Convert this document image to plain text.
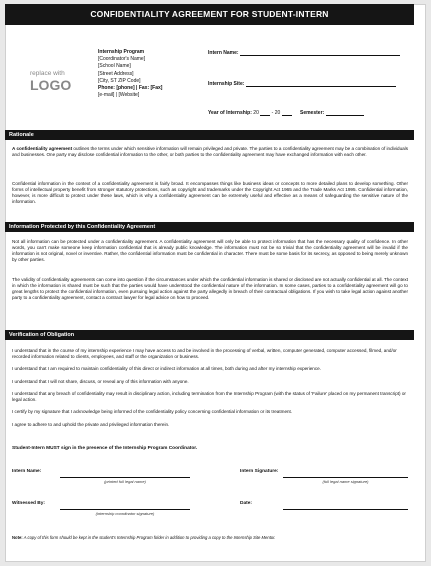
CONFIDENTIALITY AGREEMENT FOR STUDENT-INTERN
replace with
LOGO
Internship Program
[Coordinator's Name]
[School Name]
[Street Address]
[City, ST ZIP Code]
Phone: [phone] | Fax: [Fax]
[e-mail] | [Website]
Intern Name:
Internship Site:
Year of Internship: 20	- 20	Semester:
Rationale

A confidentiality agreement outlines the terms under which sensitive information will remain privileged and private. The parties to a confidentiality agreement may be a combination of individuals and businesses. One party may disclose confidential information to the other, or both parties to the confidentiality agreement may have exchanged information with each other.

Confidential information in the context of a confidentiality agreement is fairly broad. It encompasses things like business ideas or concepts to more detailed plans to develop something. Other forms of intellectual property benefit from stronger statutory protections, such as copyright and trademarks under the Copyright Act 1965 and the Trade Marks Act 1995. Confidential information, however, is more difficult to protect under these laws, which is why a confidentiality agreement can be extremely useful and effective as a means of safeguarding the sensitive nature of the information.

Information Protected by this Confidentiality Agreement

Not all information can be protected under a confidentiality agreement. A confidentiality agreement will only be able to protect information that has the necessary quality of confidence. In other words, you can't make someone keep information confidential that is already public knowledge. The information must not be so trivial that the confidentiality agreement will be invalid if the information is not original, novel or inventive. Rather, the confidential information must be confidential in character. There must be some basis for its secrecy, as opposed to being merely unknown by other parties.

The validity of confidentiality agreements can come into question if the circumstances under which the confidential information is shared or disclosed are not actually confidential at all. The context in which the information is shared must be such that the parties would have understood the confidential nature of the information. In some cases, parties to a confidentiality agreement will go to great lengths to protect the confidential information, even pursuing legal action against the party allegedly in breach of their contractual obligations. If you wish to take legal action against another party to a confidentiality agreement, contact a contract lawyer for legal advice on how to proceed.

Verification of Obligation

I understand that in the course of my internship experience I may have access to and be involved in the processing of verbal, written, computer generated, computer accessed, filmed, and/or recorded information related to clients, employees, and staff or the organization or business.

I understand that I am required to maintain confidentiality of this direct or indirect information at all times, both during and after my internship experience.

I understand that I will not share, discuss, or reveal any of this information with anyone.

I understand that any breach of confidentiality may result in disciplinary action, including termination from the Internship Program (with the status of 'Failure' placed on my permanent transcript) or legal action.

I certify by my signature that I acknowledge being informed of the confidentiality policy concerning confidential information or its treatment.

I agree to adhere to and uphold the private and privileged information therein.

Student-Intern MUST sign in the presence of the Internship Program Coordinator.
Intern Name:
(printed full legal name)
Intern Signature:
(full legal name signature)
Witnessed By:
(internship coordinator signature)
Date:
Note: A copy of this form should be kept in the student's Internship Program folder in addition to providing a copy to the Internship Site Mentor.
